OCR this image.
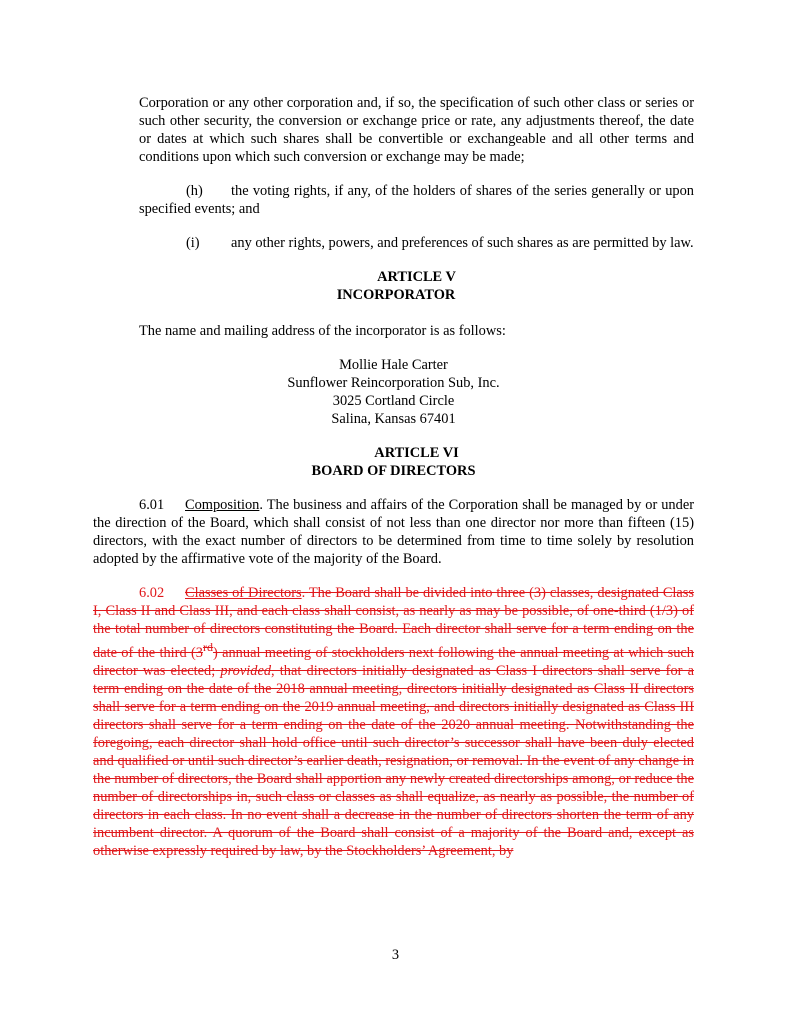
Corporation or any other corporation and, if so, the specification of such other class or series or such other security, the conversion or exchange price or rate, any adjustments thereof, the date or dates at which such shares shall be convertible or exchangeable and all other terms and conditions upon which such conversion or exchange may be made;

(h) the voting rights, if any, of the holders of shares of the series generally or upon specified events; and

(i) any other rights, powers, and preferences of such shares as are permitted by law.

ARTICLE V

INCORPORATOR

The name and mailing address of the incorporator is as follows:

Mollie Hale Carter

Sunflower Reincorporation Sub, Inc.

3025 Cortland Circle

Salina, Kansas 67401

ARTICLE VI

BOARD OF DIRECTORS

6.01 Composition. The business and affairs of the Corporation shall be managed by or under the direction of the Board, which shall consist of not less than one director nor more than fifteen (15) directors, with the exact number of directors to be determined from time to time solely by resolution adopted by the affirmative vote of the majority of the Board.

6.02 Classes of Directors. The Board shall be divided into three (3) classes, designated Class I, Class II and Class III, and each class shall consist, as nearly as may be possible, of one-third (1/3) of the total number of directors constituting the Board. Each director shall serve for a term ending on the date of the third (3rd) annual meeting of stockholders next following the annual meeting at which such director was elected; provided, that directors initially designated as Class I directors shall serve for a term ending on the date of the 2018 annual meeting, directors initially designated as Class II directors shall serve for a term ending on the 2019 annual meeting, and directors initially designated as Class III directors shall serve for a term ending on the date of the 2020 annual meeting. Notwithstanding the foregoing, each director shall hold office until such director’s successor shall have been duly elected and qualified or until such director’s earlier death, resignation, or removal. In the event of any change in the number of directors, the Board shall apportion any newly created directorships among, or reduce the number of directorships in, such class or classes as shall equalize, as nearly as possible, the number of directors in each class. In no event shall a decrease in the number of directors shorten the term of any incumbent director. A quorum of the Board shall consist of a majority of the Board and, except as otherwise expressly required by law, by the Stockholders’ Agreement, by

3
